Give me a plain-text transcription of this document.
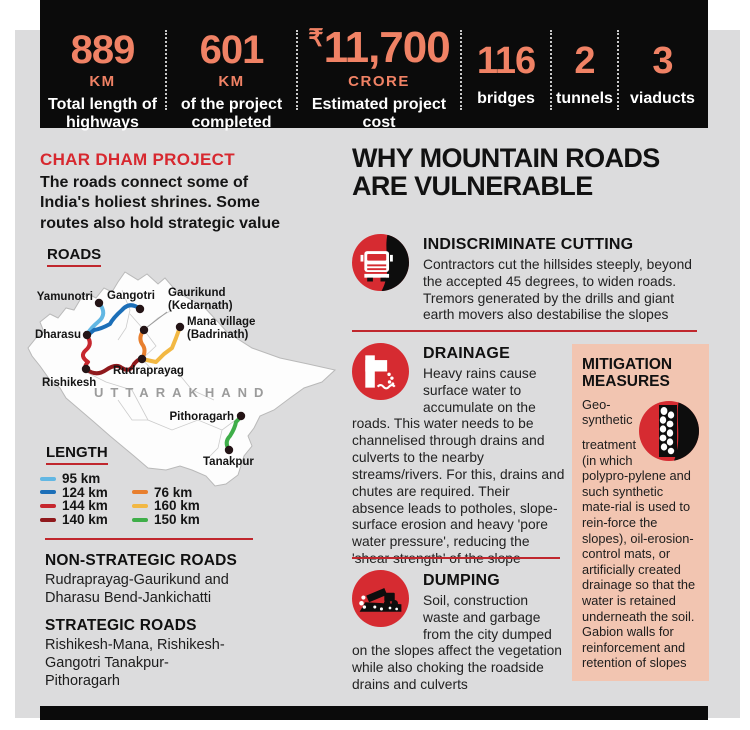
889
KM
Total length of highways
601
KM
of the project completed
₹11,700
CRORE
Estimated project cost
116
bridges
2
tunnels
3
viaducts
CHAR DHAM PROJECT
The roads connect some of India's holiest shrines. Some routes also hold strategic value
ROADS
UTTARAKHAND
Yamunotri Gangotri Gaurikund
(Kedarnath)
Mana village
(Badrinath)
Dharasu
Rudraprayag
Rishikesh
Pithoragarh
Tanakpur
LENGTH
95 km
124 km	76 km
144 km	160 km
140 km	150 km
NON-STRATEGIC ROADS
Rudraprayag-Gaurikund and Dharasu Bend-Jankichatti
STRATEGIC ROADS
Rishikesh-Mana, Rishikesh-Gangotri Tanakpur-Pithoragarh
WHY MOUNTAIN ROADS ARE VULNERABLE
INDISCRIMINATE CUTTING
Contractors cut the hillsides steeply, beyond the accepted 45 degrees, to widen roads. Tremors generated by the drills and giant earth movers also destabilise the slopes
DRAINAGE
Heavy rains cause surface water to accumulate on the roads. This water needs to be channelised through drains and culverts to the nearby streams/rivers. For this, drains and chutes are required. Their absence leads to potholes, slope-surface erosion and heavy 'pore water pressure', reducing the 'shear strength' of the slope
DUMPING
Soil, construction waste and garbage from the city dumped on the slopes affect the vegetation while also choking the roadside drains and culverts
MITIGATION MEASURES
Geo-synthetic treatment (in which polypro-pylene and such synthetic mate-rial is used to rein-force the slopes), oil-erosion-control mats, or artificially created drainage so that the water is retained underneath the soil. Gabion walls for reinforcement and retention of slopes
